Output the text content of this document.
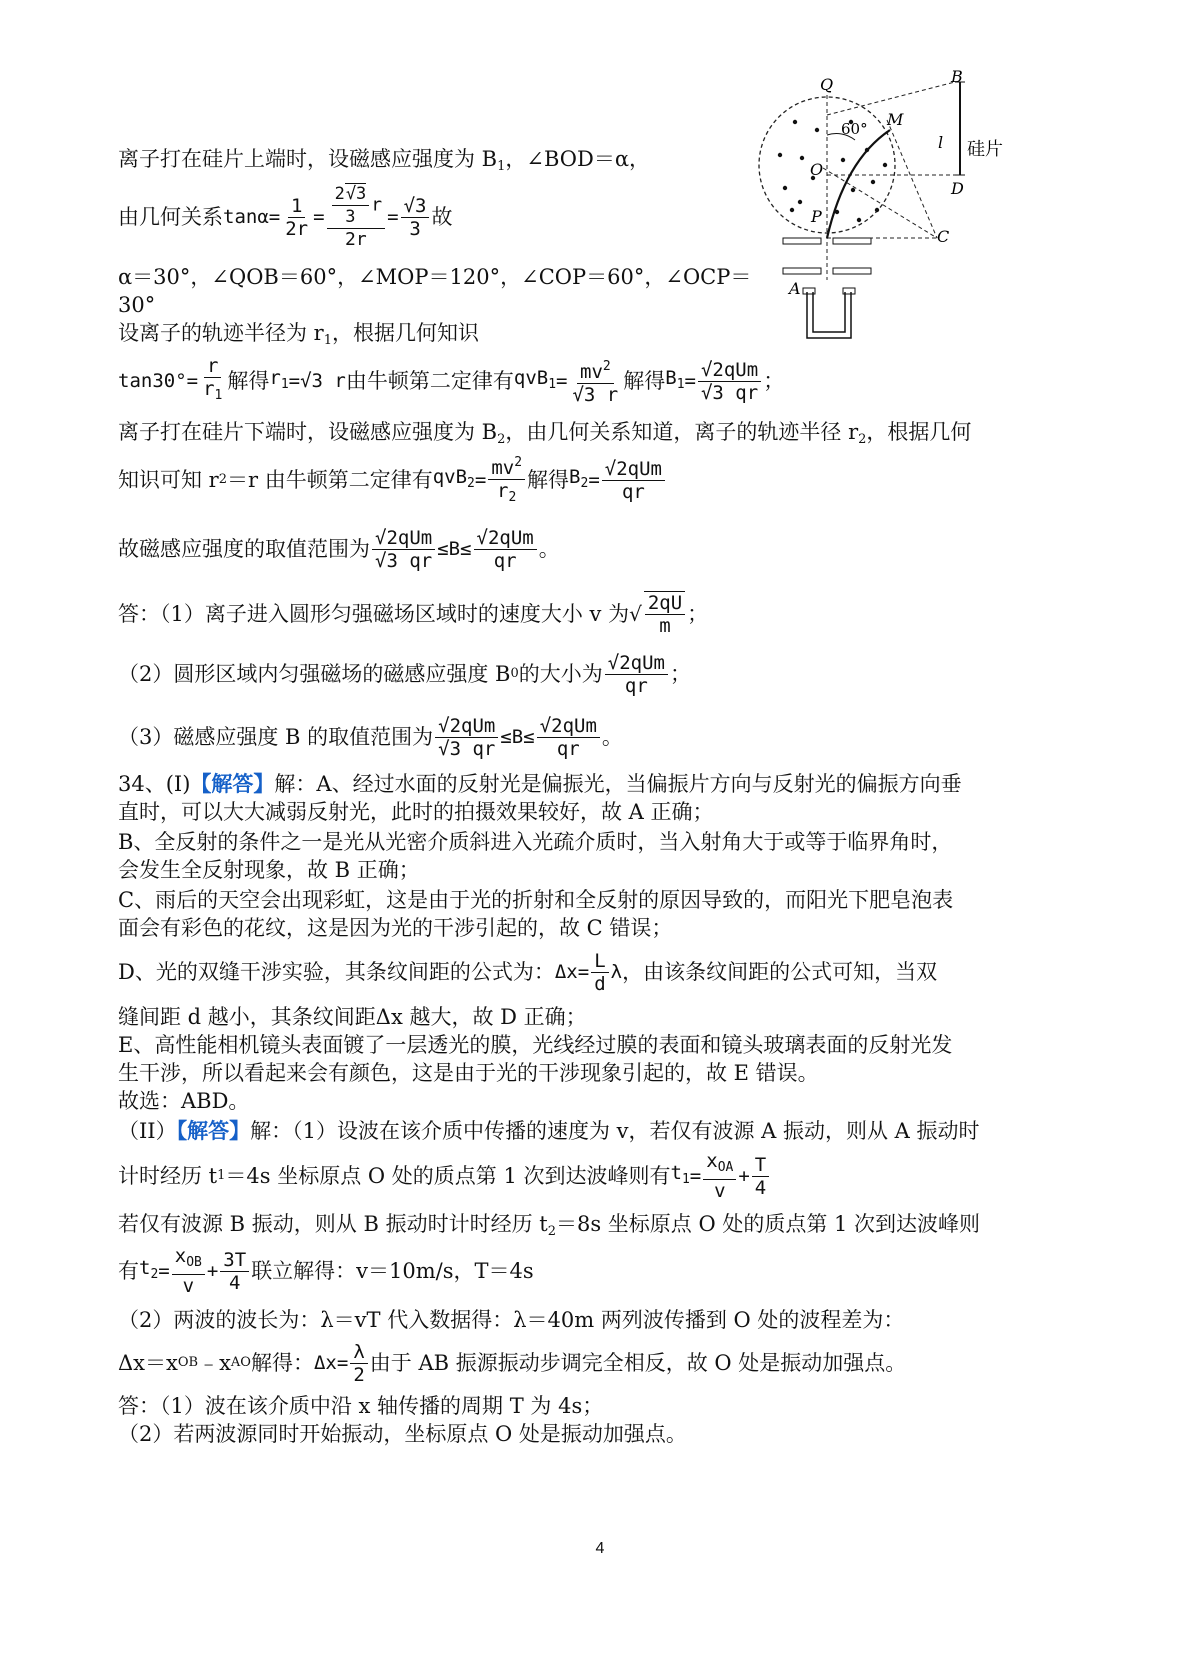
Q	B
M
60°
O
l 硅片
D
P
C
A
离子打在硅片上端时，设磁感应强度为 $B_1$，∠BOD＝α，
由几何关系 $\tan\alpha = \frac{1}{2r} = \frac{\frac{2√3}{3} r}{2r} = \frac{√3}{3}$ 故
α＝30°，∠QOB＝60°，∠MOP＝120°，∠COP＝60°，∠OCP＝
30°
设离子的轨迹半径为 $r_1$，根据几何知识
$\tan 30^\circ = \frac{r}{r_1}$ 解得 $r_1 = √3$ r 由牛顿第二定律有 $qvB_1 = \frac{mv^2}{√3 r}$ 解得 $B_1 = \frac{\text{√2qUm}}{√3 qr}$ ；
离子打在硅片下端时，设磁感应强度为 $B_2$，由几何关系知道，离子的轨迹半径 $r_2$，根据几何
知识可知 r 2 ＝r 由牛顿第二定律有 $qvB_2 = \frac{mv^2}{r_2}$ 解得 $B_2 = \frac{\text{√2qUm}}{qr}$
故磁感应强度的取值范围为 $\frac{\text{√2qUm}}{√3 qr} \le B\le \frac{\text{√2qUm}}{qr}$ 。
答：（1）离子进入圆形匀强磁场区域时的速度大小 v 为 √ $\frac{2qU}{m}$ ；
（2）圆形区域内匀强磁场的磁感应强度 B 0 的大小为 $\frac{\text{√2qUm}}{qr}$ ；
（3）磁感应强度 B 的取值范围为 $\frac{\text{√2qUm}}{√3 qr} \le B\le \frac{\text{√2qUm}}{qr}$ 。
34、(I)【解答】解：A、经过水面的反射光是偏振光，当偏振片方向与反射光的偏振方向垂
直时，可以大大减弱反射光，此时的拍摄效果较好，故 A 正确；
B、全反射的条件之一是光从光密介质斜进入光疏介质时，当入射角大于或等于临界角时，
会发生全反射现象，故 B 正确；
C、雨后的天空会出现彩虹，这是由于光的折射和全反射的原因导致的，而阳光下肥皂泡表
面会有彩色的花纹，这是因为光的干涉引起的，故 C 错误；
D、光的双缝干涉实验，其条纹间距的公式为： $\Delta x = \frac{L}{d}$ λ ，由该条纹间距的公式可知，当双
缝间距 d 越小，其条纹间距Δx 越大，故 D 正确；
E、高性能相机镜头表面镀了一层透光的膜，光线经过膜的表面和镜头玻璃表面的反射光发
生干涉，所以看起来会有颜色，这是由于光的干涉现象引起的，故 E 错误。
故选：ABD。
（II）【解答】解：（1）设波在该介质中传播的速度为 v，若仅有波源 A 振动，则从 A 振动时
计时经历 t 1 ＝4s 坐标原点 O 处的质点第 1 次到达波峰则有 $t_1 = \frac{x_{OA}}{v} + \frac{T}{4}$
若仅有波源 B 振动，则从 B 振动时计时经历 $t_2=8s$ 坐标原点 O 处的质点第 1 次到达波峰则
有 $t_2 = \frac{x_{OB}}{v} + \frac{3T}{4}$ 联立解得：v＝10m/s，T＝4s
（2）两波的波长为：λ＝vT 代入数据得：λ＝40m 两列波传播到 O 处的波程差为：
Δx＝x OB ﹣x AO 解得： $\Delta x = \frac{\lambda}{2}$ 由于 AB 振源振动步调完全相反，故 O 处是振动加强点。
答：（1）波在该介质中沿 x 轴传播的周期 T 为 4s；
（2）若两波源同时开始振动，坐标原点 O 处是振动加强点。
4
